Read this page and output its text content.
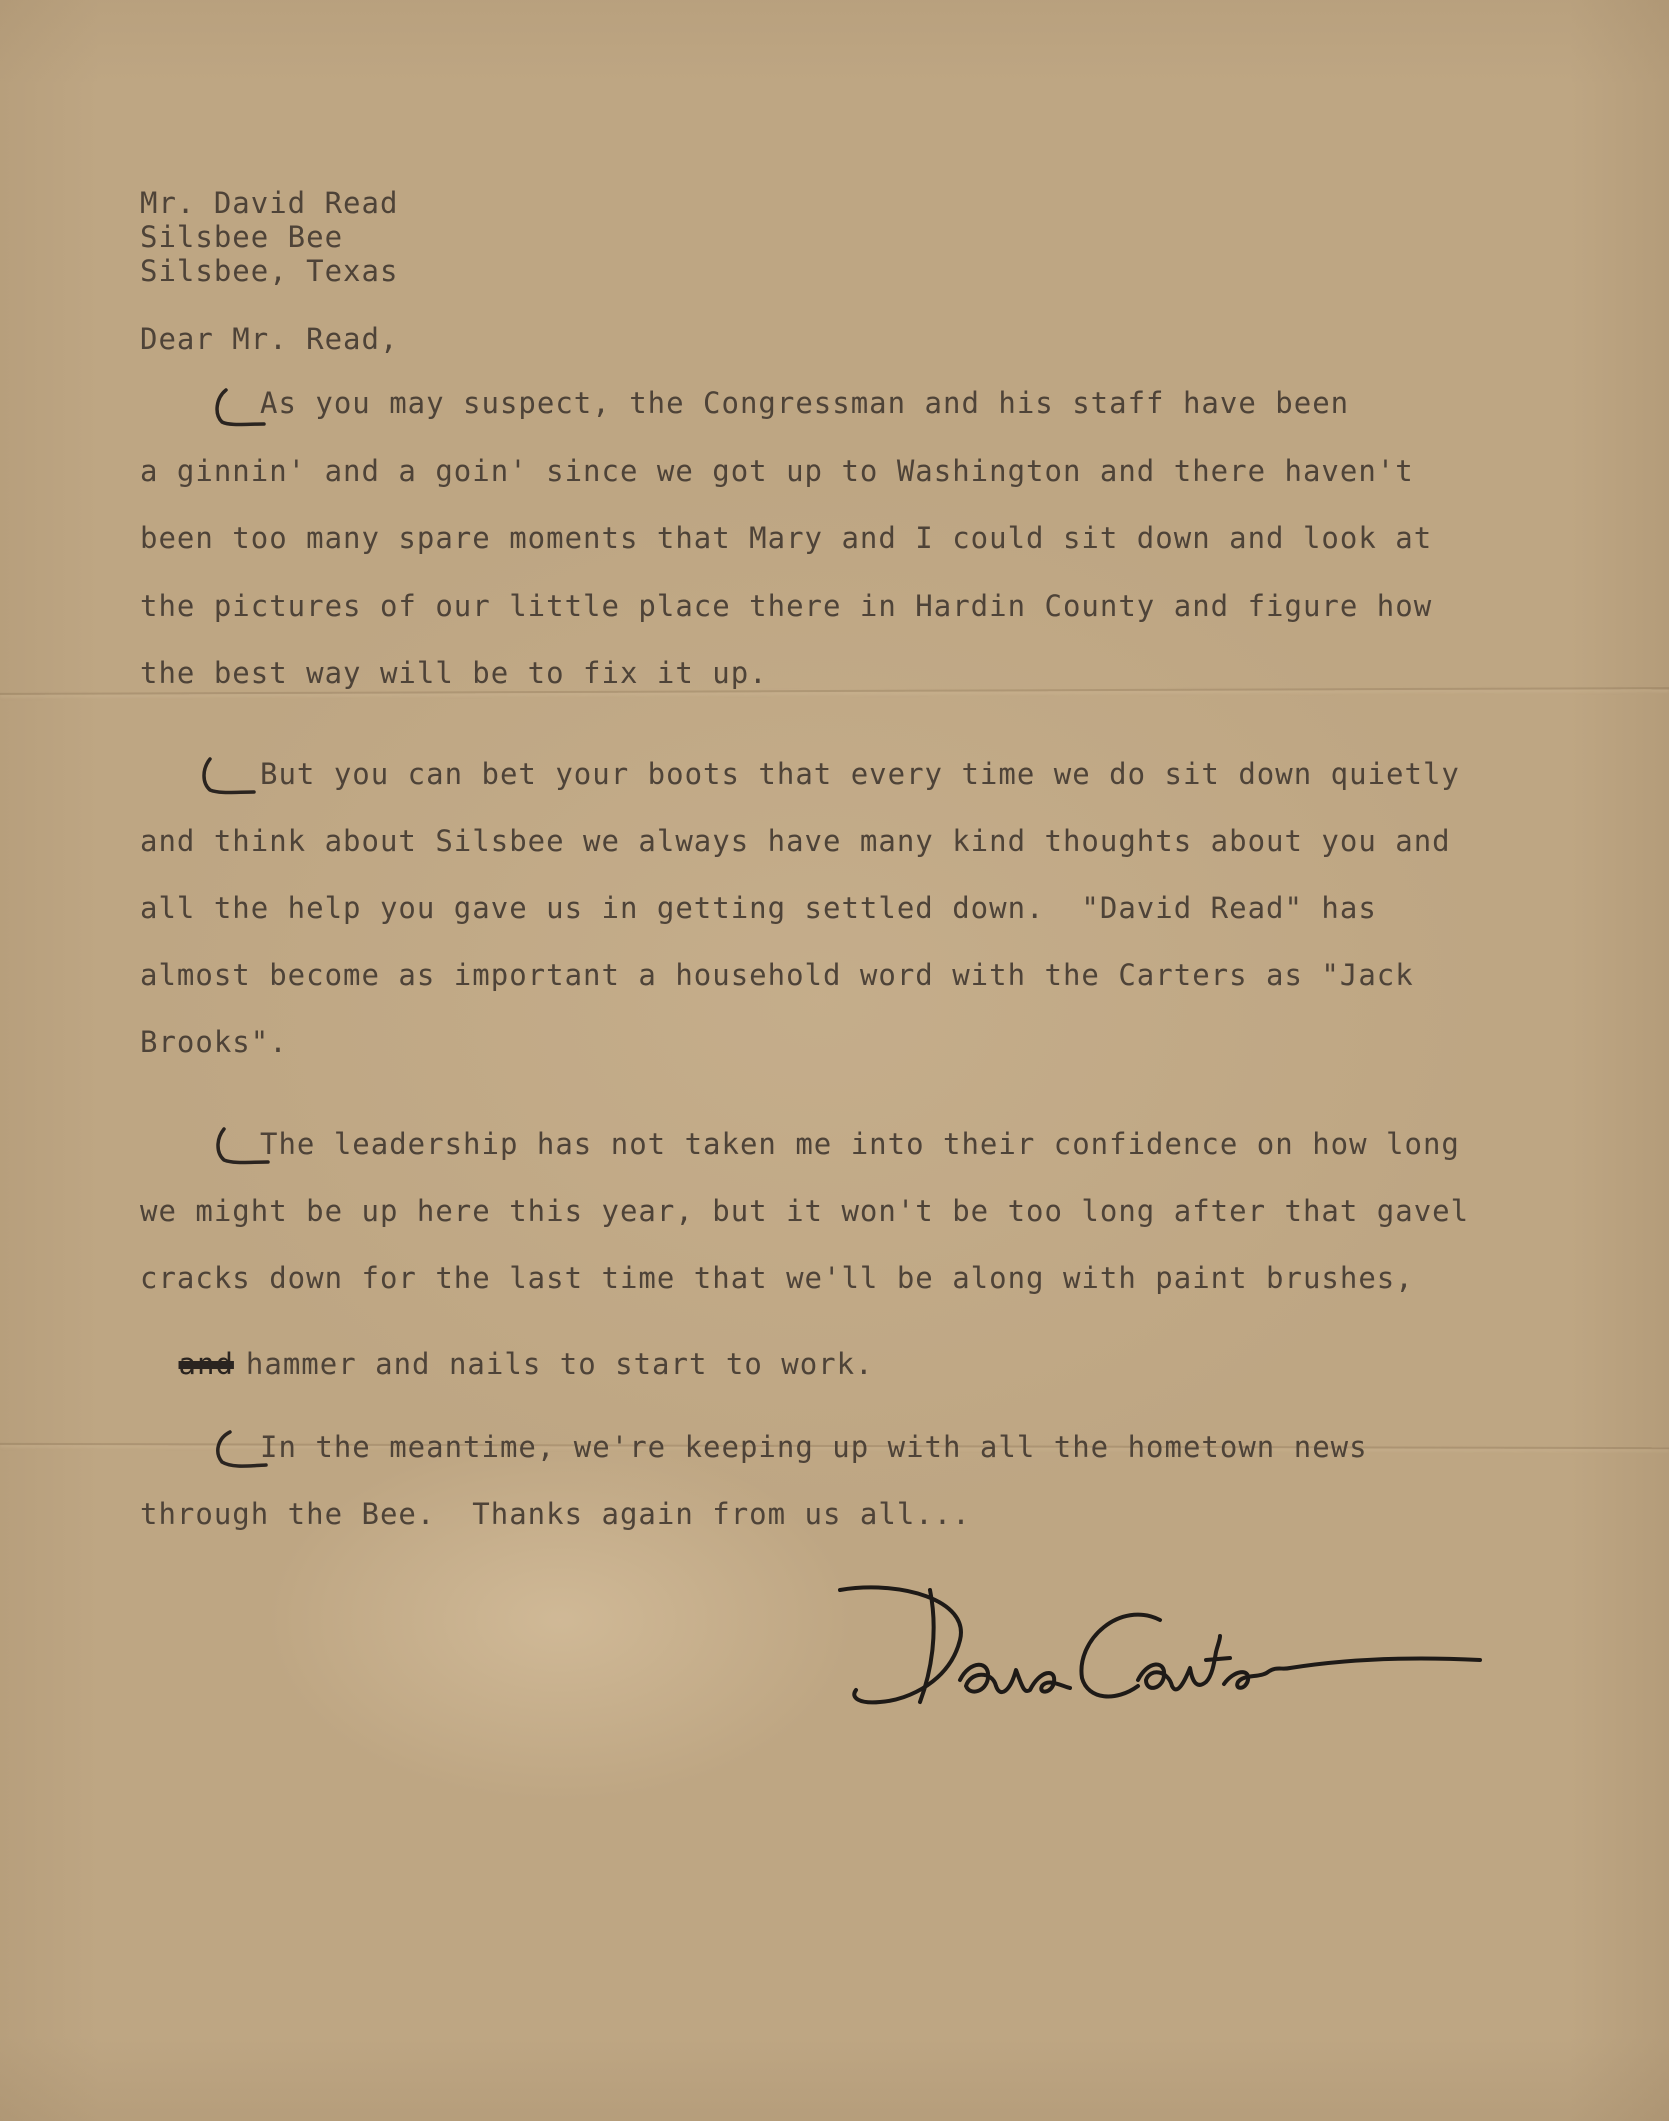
Mr. David Read
Silsbee Bee
Silsbee, Texas
Dear Mr. Read,
As you may suspect, the Congressman and his staff have been
a ginnin' and a goin' since we got up to Washington and there haven't
been too many spare moments that Mary and I could sit down and look at
the pictures of our little place there in Hardin County and figure how
the best way will be to fix it up.
But you can bet your boots that every time we do sit down quietly
and think about Silsbee we always have many kind thoughts about you and
all the help you gave us in getting settled down.  "David Read" has
almost become as important a household word with the Carters as "Jack
Brooks".
The leadership has not taken me into their confidence on how long
we might be up here this year, but it won't be too long after that gavel
cracks down for the last time that we'll be along with paint brushes,

and hammer and nails to start to work.

In the meantime, we're keeping up with all the hometown news
through the Bee.  Thanks again from us all...
